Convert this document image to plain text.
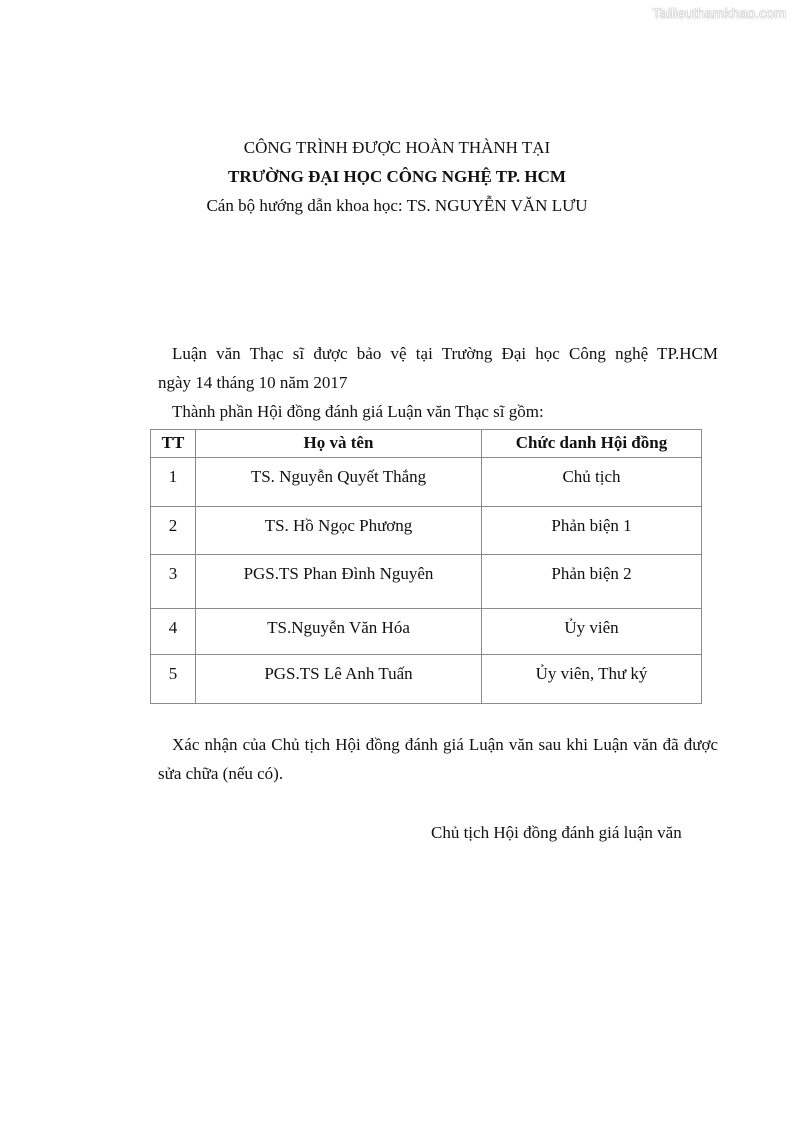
Tailieuthamkhao.com
CÔNG TRÌNH ĐƯỢC HOÀN THÀNH TẠI
TRƯỜNG ĐẠI HỌC CÔNG NGHỆ TP. HCM
Cán bộ hướng dẫn khoa học: TS. NGUYỄN VĂN LƯU
Luận văn Thạc sĩ được bảo vệ tại Trường Đại học Công nghệ TP.HCM
ngày 14 tháng 10 năm 2017
Thành phần Hội đồng đánh giá Luận văn Thạc sĩ gồm:
TT	Họ và tên	Chức danh Hội đồng

1	TS. Nguyễn Quyết Thắng	Chủ tịch

2	TS. Hồ Ngọc Phương	Phản biện 1

3	PGS.TS Phan Đình Nguyên	Phản biện 2

4	TS.Nguyễn Văn Hóa	Ủy viên

5	PGS.TS Lê Anh Tuấn	Ủy viên, Thư ký
Xác nhận của Chủ tịch Hội đồng đánh giá Luận văn sau khi Luận văn đã được
sửa chữa (nếu có).
Chủ tịch Hội đồng đánh giá luận văn
